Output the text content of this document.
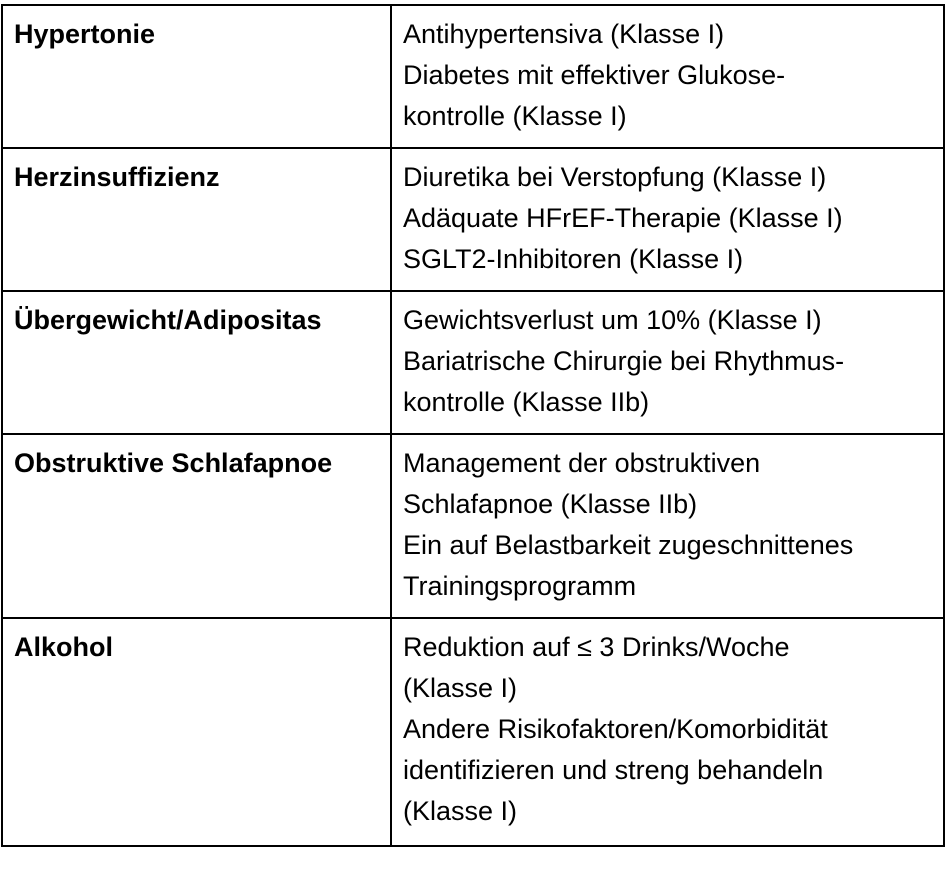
Hypertonie	Antihypertensiva (Klasse I)
Diabetes mit effektiver Glukose-
kontrolle (Klasse I)

Herzinsuffizienz	Diuretika bei Verstopfung (Klasse I)
Adäquate HFrEF-Therapie (Klasse I)
SGLT2-Inhibitoren (Klasse I)

Übergewicht/Adipositas	Gewichtsverlust um 10% (Klasse I)
Bariatrische Chirurgie bei Rhythmus-
kontrolle (Klasse IIb)

Obstruktive Schlafapnoe	Management der obstruktiven
Schlafapnoe (Klasse IIb)
Ein auf Belastbarkeit zugeschnittenes
Trainingsprogramm

Alkohol	Reduktion auf ≤ 3 Drinks/Woche
(Klasse I)
Andere Risikofaktoren/Komorbidität
identifizieren und streng behandeln
(Klasse I)
